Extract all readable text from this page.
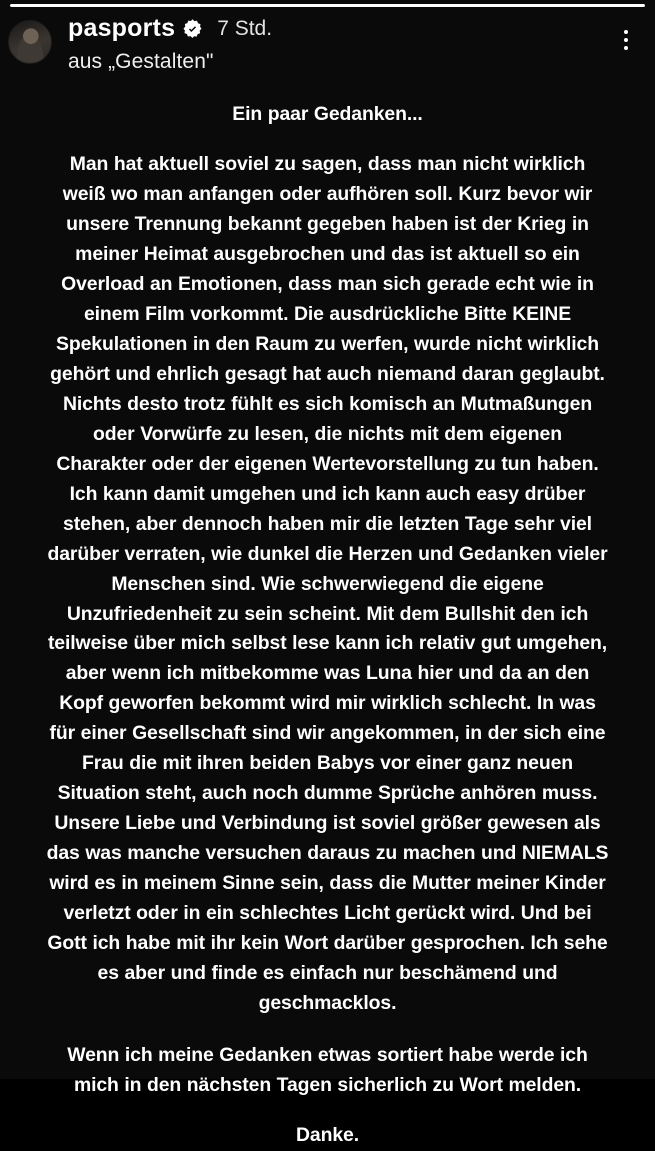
pasports 7 Std.
aus „Gestalten"

Ein paar Gedanken...

Man hat aktuell soviel zu sagen, dass man nicht wirklich weiß wo man anfangen oder aufhören soll. Kurz bevor wir unsere Trennung bekannt gegeben haben ist der Krieg in meiner Heimat ausgebrochen und das ist aktuell so ein Overload an Emotionen, dass man sich gerade echt wie in einem Film vorkommt. Die ausdrückliche Bitte KEINE Spekulationen in den Raum zu werfen, wurde nicht wirklich gehört und ehrlich gesagt hat auch niemand daran geglaubt. Nichts desto trotz fühlt es sich komisch an Mutmaßungen oder Vorwürfe zu lesen, die nichts mit dem eigenen Charakter oder der eigenen Wertevorstellung zu tun haben. Ich kann damit umgehen und ich kann auch easy drüber stehen, aber dennoch haben mir die letzten Tage sehr viel darüber verraten, wie dunkel die Herzen und Gedanken vieler Menschen sind. Wie schwerwiegend die eigene Unzufriedenheit zu sein scheint. Mit dem Bullshit den ich teilweise über mich selbst lese kann ich relativ gut umgehen, aber wenn ich mitbekomme was Luna hier und da an den Kopf geworfen bekommt wird mir wirklich schlecht. In was für einer Gesellschaft sind wir angekommen, in der sich eine Frau die mit ihren beiden Babys vor einer ganz neuen Situation steht, auch noch dumme Sprüche anhören muss. Unsere Liebe und Verbindung ist soviel größer gewesen als das was manche versuchen daraus zu machen und NIEMALS wird es in meinem Sinne sein, dass die Mutter meiner Kinder verletzt oder in ein schlechtes Licht gerückt wird. Und bei Gott ich habe mit ihr kein Wort darüber gesprochen. Ich sehe es aber und finde es einfach nur beschämend und geschmacklos.

Wenn ich meine Gedanken etwas sortiert habe werde ich mich in den nächsten Tagen sicherlich zu Wort melden.

Danke.
